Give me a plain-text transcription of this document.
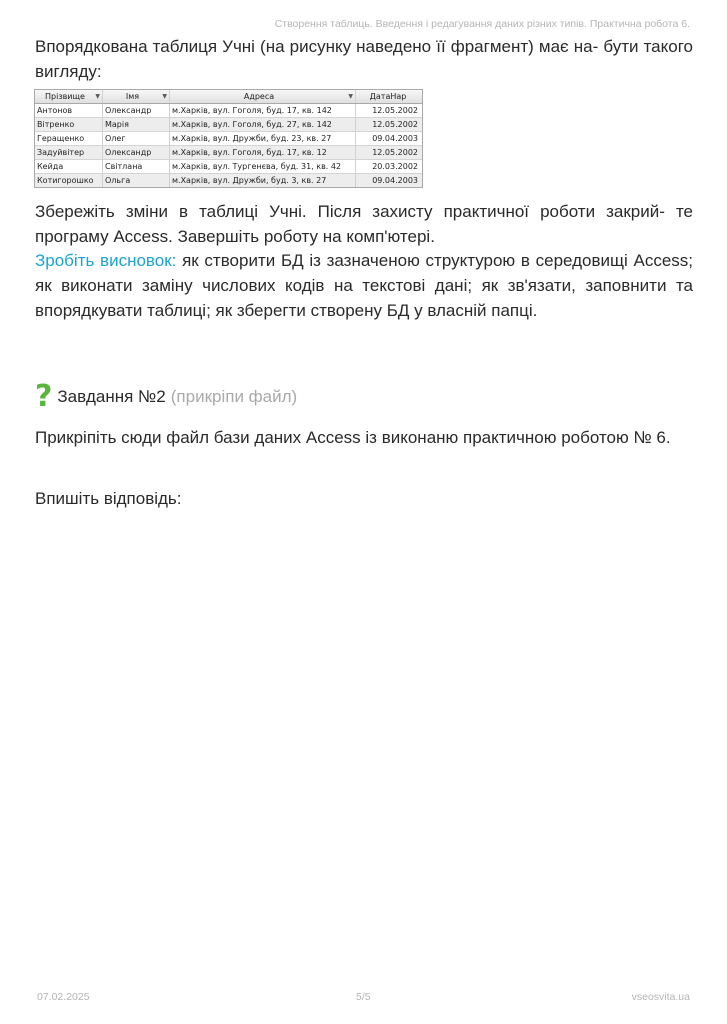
Створення таблиць. Введення і редагування даних різних типів. Практична робота 6.

Впорядкована таблиця Учні (на рисунку наведено її фрагмент) має на- бути такого вигляду:

Прізвище ▼	Імя	▼	Адреса	▼	ДатаНар
Антонов	Олександр	м.Харків, вул. Гоголя, буд. 17, кв. 142	12.05.2002
Вітренко	Марія	м.Харків, вул. Гоголя, буд. 27, кв. 142	12.05.2002
Геращенко	Олег	м.Харків, вул. Дружби, буд. 23, кв. 27	09.04.2003
Задуйвітер	Олександр	м.Харків, вул. Гоголя, буд. 17, кв. 12	12.05.2002
Кейда	Світлана	м.Харків, вул. Тургенєва, буд. 31, кв. 42	20.03.2002
Котигорошко	Ольга	м.Харків, вул. Дружби, буд. 3, кв. 27	09.04.2003

Збережіть зміни в таблиці Учні. Після захисту практичної роботи закрий- те програму Access. Завершіть роботу на комп'ютері.

Зробіть висновок: як створити БД із зазначеною структурою в середовищі Access; як виконати заміну числових кодів на текстові дані; як зв'язати, заповнити та впорядкувати таблиці; як зберегти створену БД у власній папці.

? Завдання №2 (прикріпи файл)

Прикріпіть сюди файл бази даних Access із виконаню практичною роботою № 6.

Впишіть відповідь:

07.02.2025	5/5	vseosvita.ua
